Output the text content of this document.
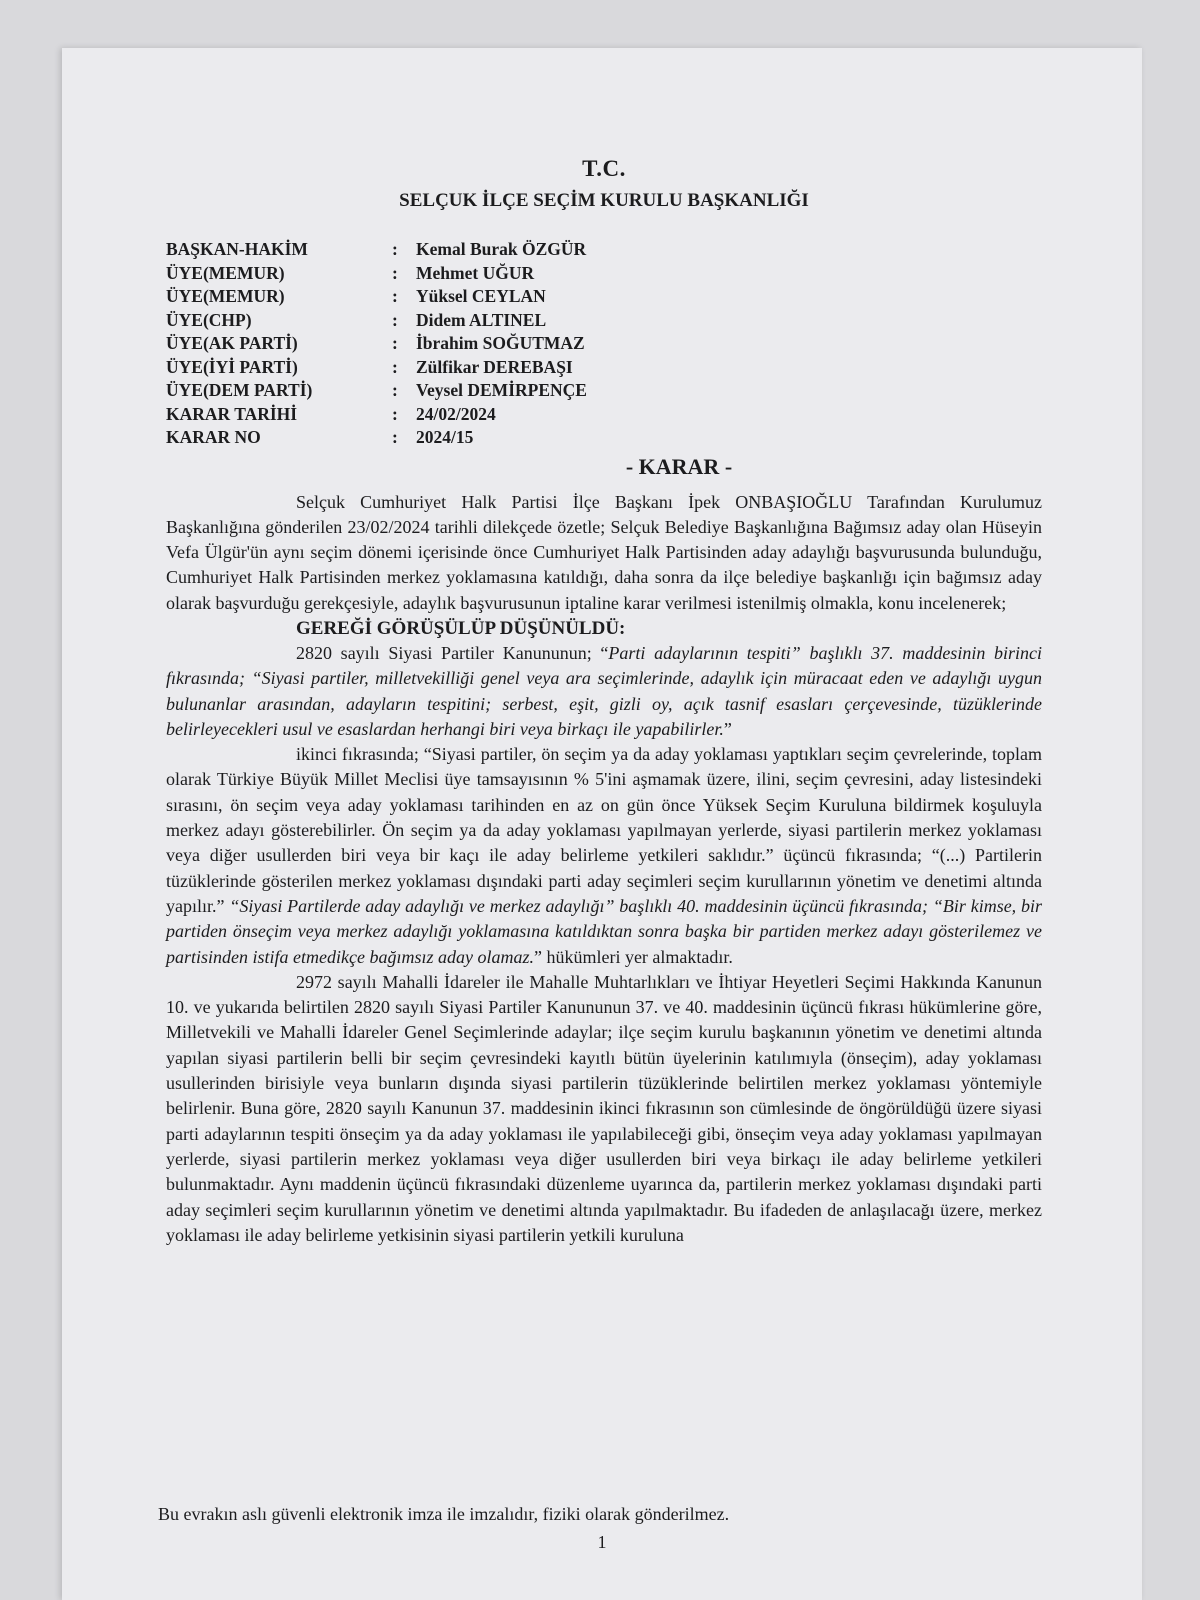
T.C.
SELÇUK İLÇE SEÇİM KURULU BAŞKANLIĞI
BAŞKAN-HAKİM	:	Kemal Burak ÖZGÜR
ÜYE(MEMUR)	:	Mehmet UĞUR
ÜYE(MEMUR)	:	Yüksel CEYLAN
ÜYE(CHP)	:	Didem ALTINEL
ÜYE(AK PARTİ)	:	İbrahim SOĞUTMAZ
ÜYE(İYİ PARTİ)	:	Zülfikar DEREBAŞI
ÜYE(DEM PARTİ)	:	Veysel DEMİRPENÇE
KARAR TARİHİ	:	24/02/2024
KARAR NO	:	2024/15
- KARAR -

Selçuk Cumhuriyet Halk Partisi İlçe Başkanı İpek ONBAŞIOĞLU Tarafından Kurulumuz Başkanlığına gönderilen 23/02/2024 tarihli dilekçede özetle; Selçuk Belediye Başkanlığına Bağımsız aday olan Hüseyin Vefa Ülgür'ün aynı seçim dönemi içerisinde önce Cumhuriyet Halk Partisinden aday adaylığı başvurusunda bulunduğu, Cumhuriyet Halk Partisinden merkez yoklamasına katıldığı, daha sonra da ilçe belediye başkanlığı için bağımsız aday olarak başvurduğu gerekçesiyle, adaylık başvurusunun iptaline karar verilmesi istenilmiş olmakla, konu incelenerek;

GEREĞİ GÖRÜŞÜLÜP DÜŞÜNÜLDÜ:

2820 sayılı Siyasi Partiler Kanununun; “Parti adaylarının tespiti” başlıklı 37. maddesinin birinci fıkrasında; “Siyasi partiler, milletvekilliği genel veya ara seçimlerinde, adaylık için müracaat eden ve adaylığı uygun bulunanlar arasından, adayların tespitini; serbest, eşit, gizli oy, açık tasnif esasları çerçevesinde, tüzüklerinde belirleyecekleri usul ve esaslardan herhangi biri veya birkaçı ile yapabilirler.”

ikinci fıkrasında; “Siyasi partiler, ön seçim ya da aday yoklaması yaptıkları seçim çevrelerinde, toplam olarak Türkiye Büyük Millet Meclisi üye tamsayısının % 5'ini aşmamak üzere, ilini, seçim çevresini, aday listesindeki sırasını, ön seçim veya aday yoklaması tarihinden en az on gün önce Yüksek Seçim Kuruluna bildirmek koşuluyla merkez adayı gösterebilirler. Ön seçim ya da aday yoklaması yapılmayan yerlerde, siyasi partilerin merkez yoklaması veya diğer usullerden biri veya bir kaçı ile aday belirleme yetkileri saklıdır.” üçüncü fıkrasında; “(...) Partilerin tüzüklerinde gösterilen merkez yoklaması dışındaki parti aday seçimleri seçim kurullarının yönetim ve denetimi altında yapılır.” “Siyasi Partilerde aday adaylığı ve merkez adaylığı” başlıklı 40. maddesinin üçüncü fıkrasında; “Bir kimse, bir partiden önseçim veya merkez adaylığı yoklamasına katıldıktan sonra başka bir partiden merkez adayı gösterilemez ve partisinden istifa etmedikçe bağımsız aday olamaz.” hükümleri yer almaktadır.

2972 sayılı Mahalli İdareler ile Mahalle Muhtarlıkları ve İhtiyar Heyetleri Seçimi Hakkında Kanunun 10. ve yukarıda belirtilen 2820 sayılı Siyasi Partiler Kanununun 37. ve 40. maddesinin üçüncü fıkrası hükümlerine göre, Milletvekili ve Mahalli İdareler Genel Seçimlerinde adaylar; ilçe seçim kurulu başkanının yönetim ve denetimi altında yapılan siyasi partilerin belli bir seçim çevresindeki kayıtlı bütün üyelerinin katılımıyla (önseçim), aday yoklaması usullerinden birisiyle veya bunların dışında siyasi partilerin tüzüklerinde belirtilen merkez yoklaması yöntemiyle belirlenir. Buna göre, 2820 sayılı Kanunun 37. maddesinin ikinci fıkrasının son cümlesinde de öngörüldüğü üzere siyasi parti adaylarının tespiti önseçim ya da aday yoklaması ile yapılabileceği gibi, önseçim veya aday yoklaması yapılmayan yerlerde, siyasi partilerin merkez yoklaması veya diğer usullerden biri veya birkaçı ile aday belirleme yetkileri bulunmaktadır. Aynı maddenin üçüncü fıkrasındaki düzenleme uyarınca da, partilerin merkez yoklaması dışındaki parti aday seçimleri seçim kurullarının yönetim ve denetimi altında yapılmaktadır. Bu ifadeden de anlaşılacağı üzere, merkez yoklaması ile aday belirleme yetkisinin siyasi partilerin yetkili kuruluna

Bu evrakın aslı güvenli elektronik imza ile imzalıdır, fiziki olarak gönderilmez.
1
